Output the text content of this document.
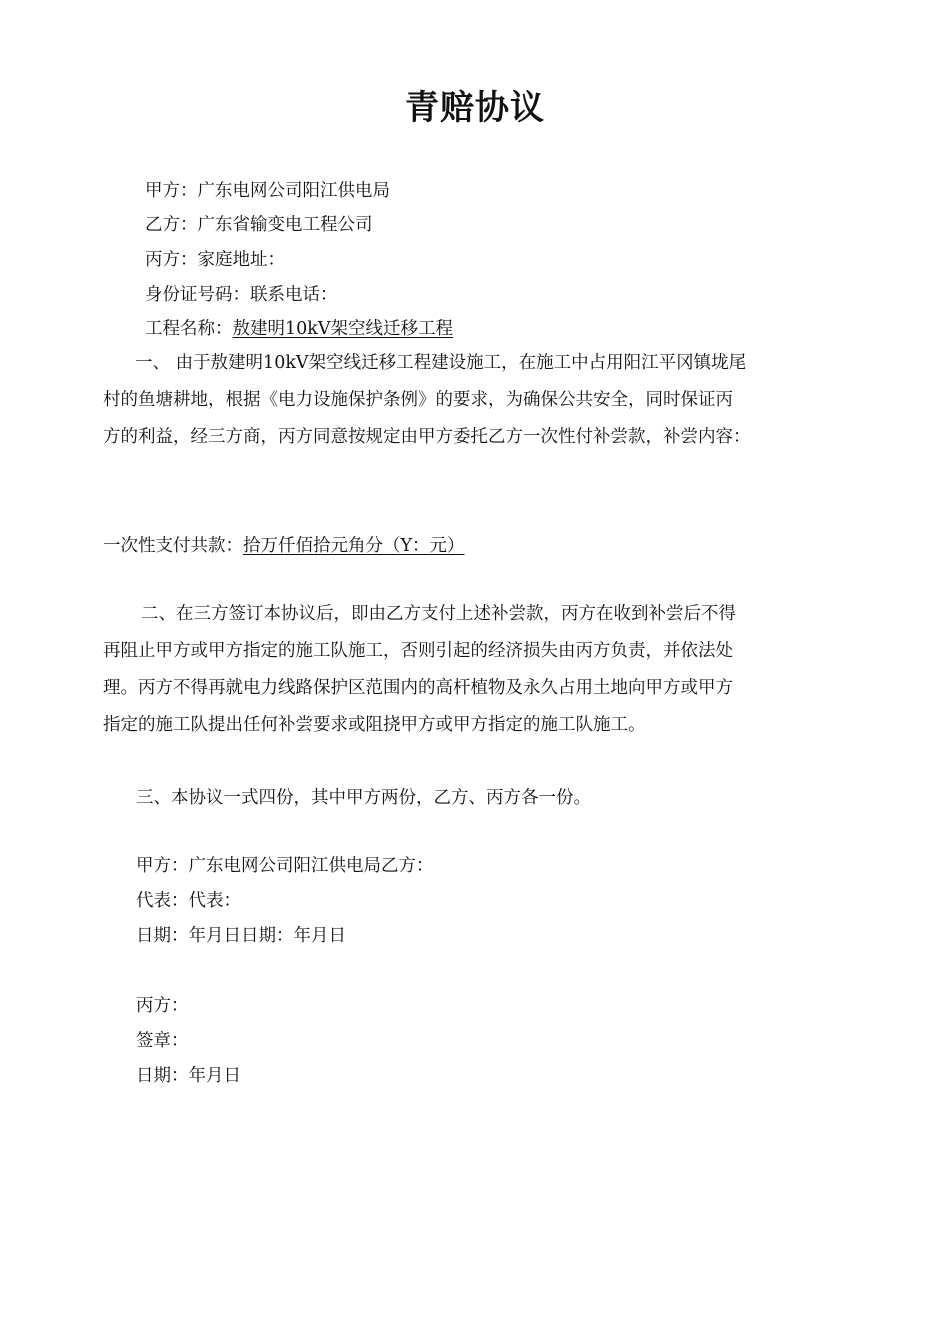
青赔协议
甲方：广东电网公司阳江供电局
乙方：广东省输变电工程公司
丙方：家庭地址：
身份证号码：联系电话：
工程名称：敖建明10kV架空线迁移工程
一、 由于敖建明10kV架空线迁移工程建设施工，在施工中占用阳江平冈镇垅尾
村的鱼塘耕地，根据《电力设施保护条例》的要求，为确保公共安全，同时保证丙
方的利益，经三方商，丙方同意按规定由甲方委托乙方一次性付补尝款，补尝内容：
一次性支付共款：拾万仟佰拾元角分（Y：元）
二、在三方签订本协议后，即由乙方支付上述补尝款，丙方在收到补尝后不得
再阻止甲方或甲方指定的施工队施工，否则引起的经济损失由丙方负责，并依法处
理。丙方不得再就电力线路保护区范围内的高杆植物及永久占用土地向甲方或甲方
指定的施工队提出任何补尝要求或阻挠甲方或甲方指定的施工队施工。
三、本协议一式四份，其中甲方两份，乙方、丙方各一份。
甲方：广东电网公司阳江供电局乙方：
代表：代表：
日期：年月日日期：年月日
丙方：
签章：
日期：年月日
